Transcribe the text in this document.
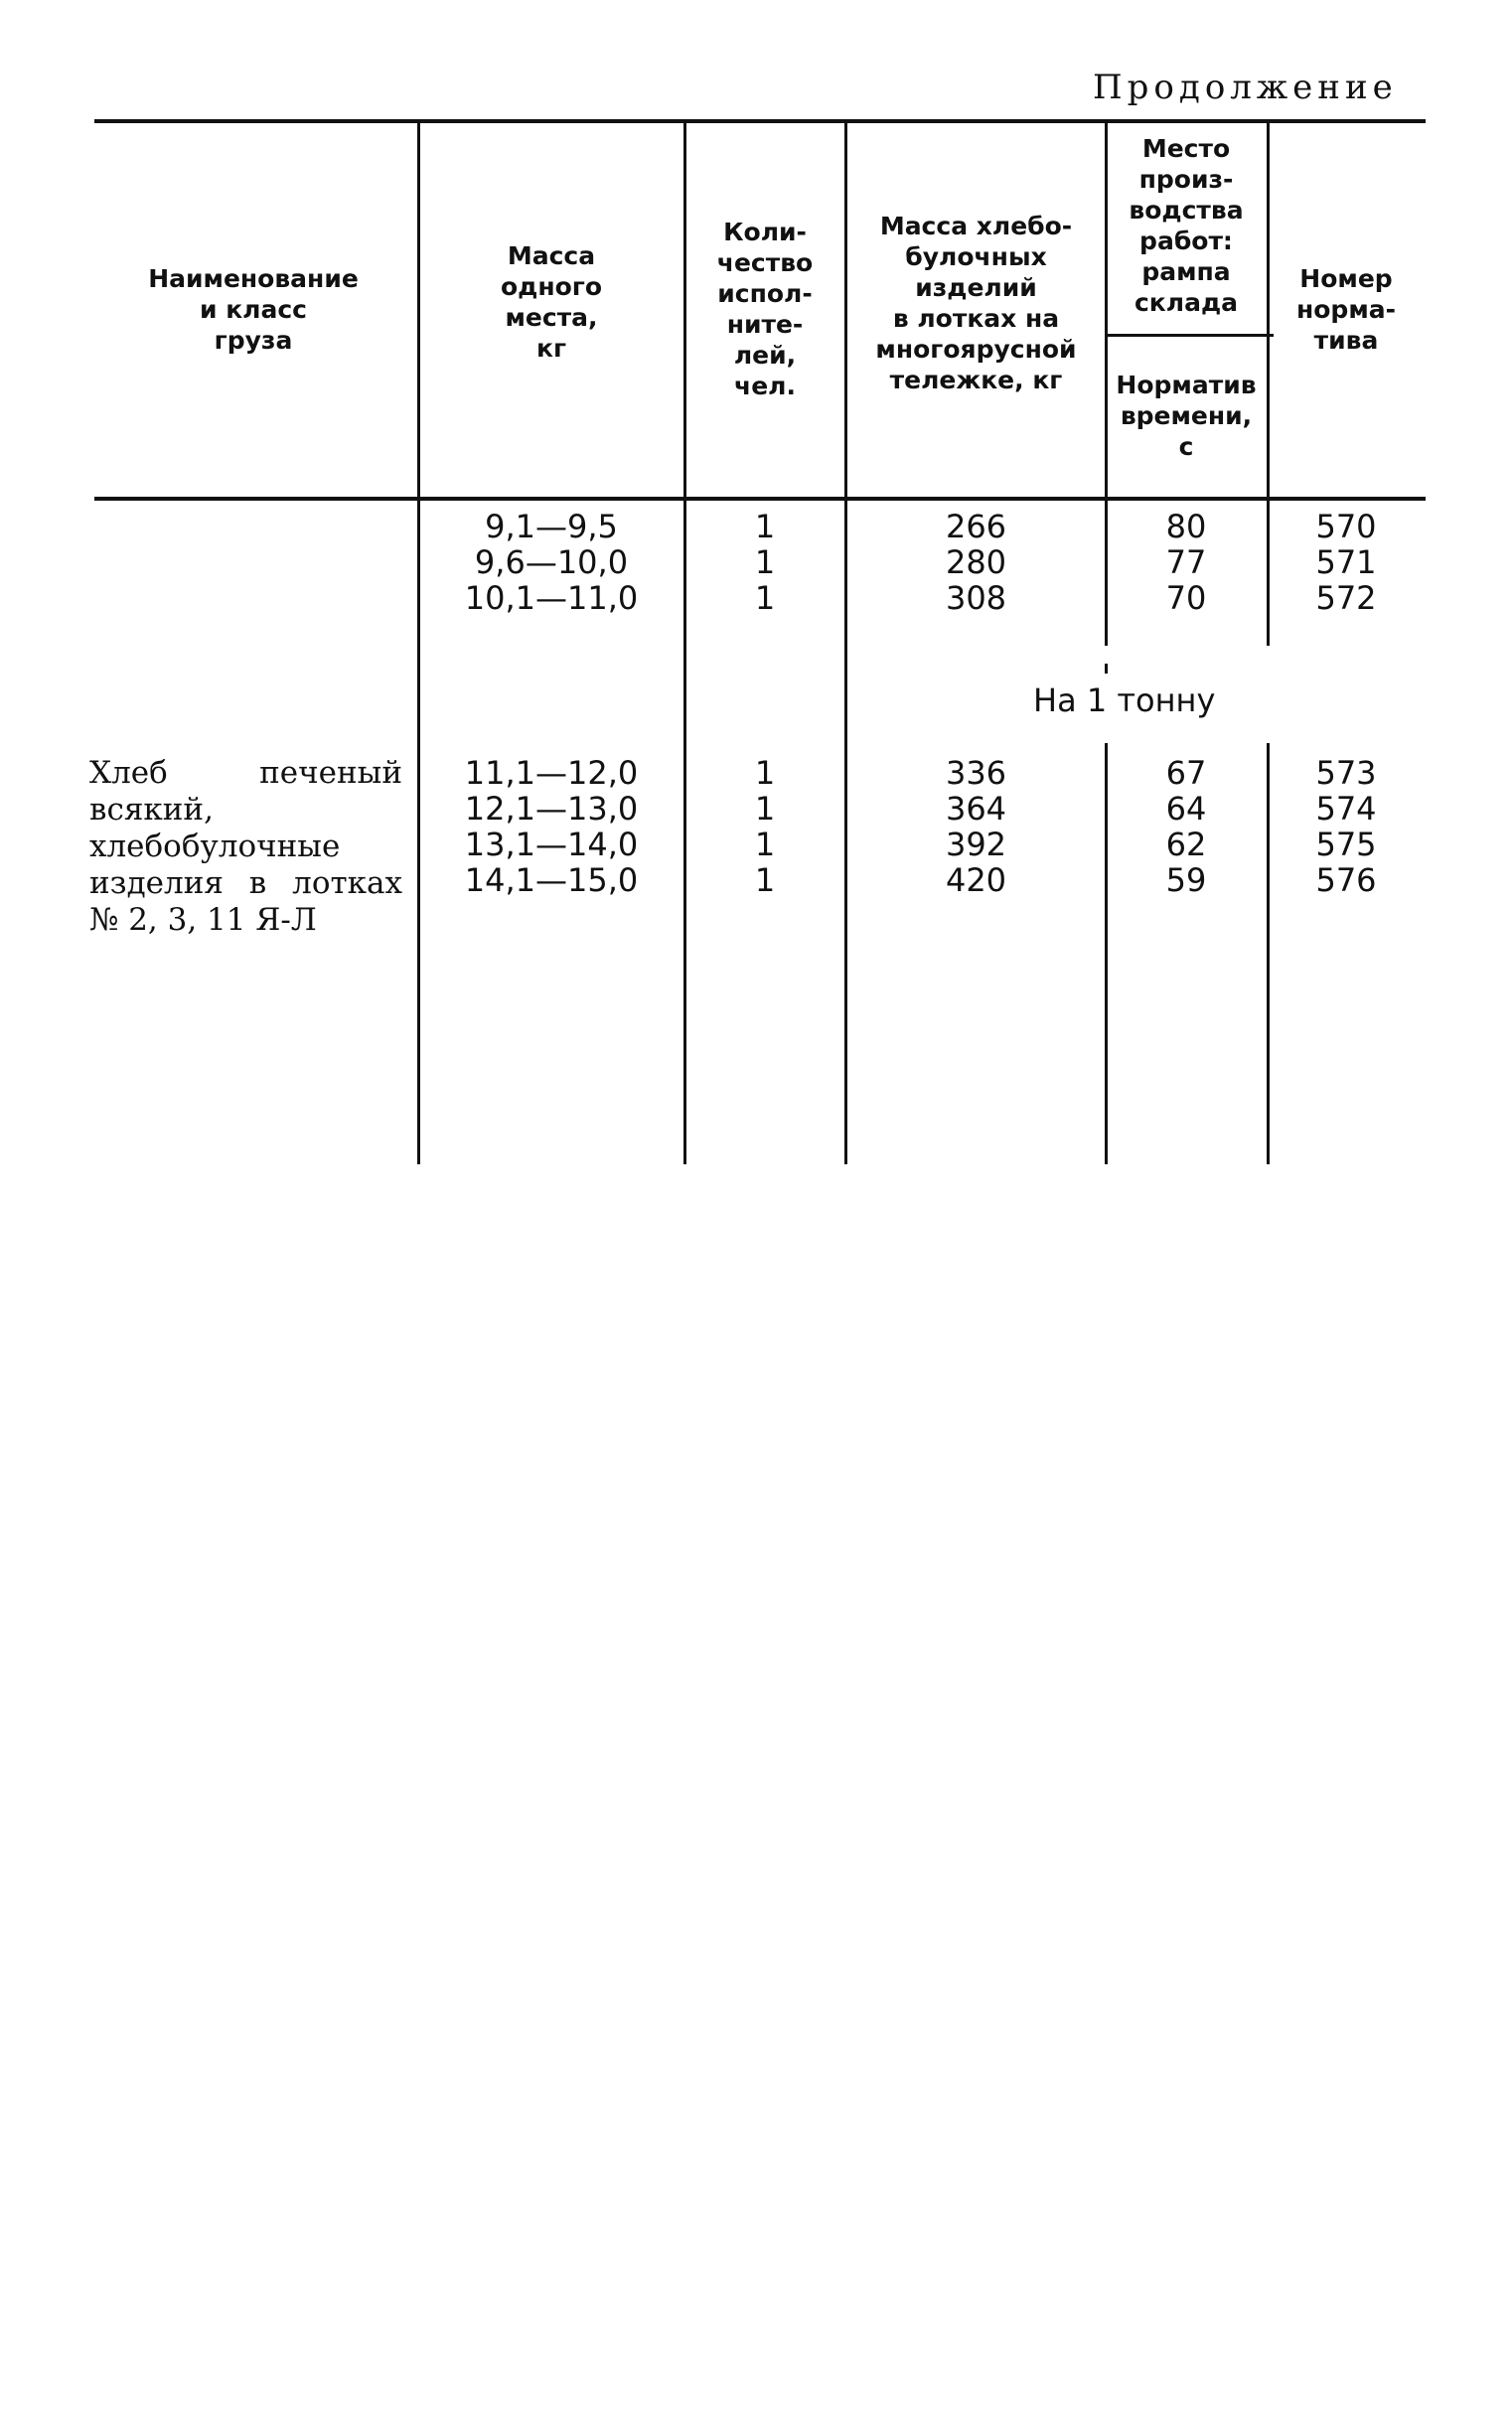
Продолжение
Наименование
и класс
груза
Масса
одного
места,
кг
Коли-
чество
испол-
ните-
лей,
чел.
Масса хлебо-
булочных
изделий
в лотках на
многоярусной
тележке, кг
Место
произ-
водства
работ:
рампа
склада
Норматив
времени,
с
Номер
норма-
тива
9,1—9,5
9,6—10,0
10,1—11,0
1
1
1
266
280
308
80
77
70
570
571
572
На 1 тонну
Хлеб печеный всякий, хлебобулочные изделия в лотках № 2, 3, 11 Я-Л
11,1—12,0
12,1—13,0
13,1—14,0
14,1—15,0
1
1
1
1
336
364
392
420
67
64
62
59
573
574
575
576
